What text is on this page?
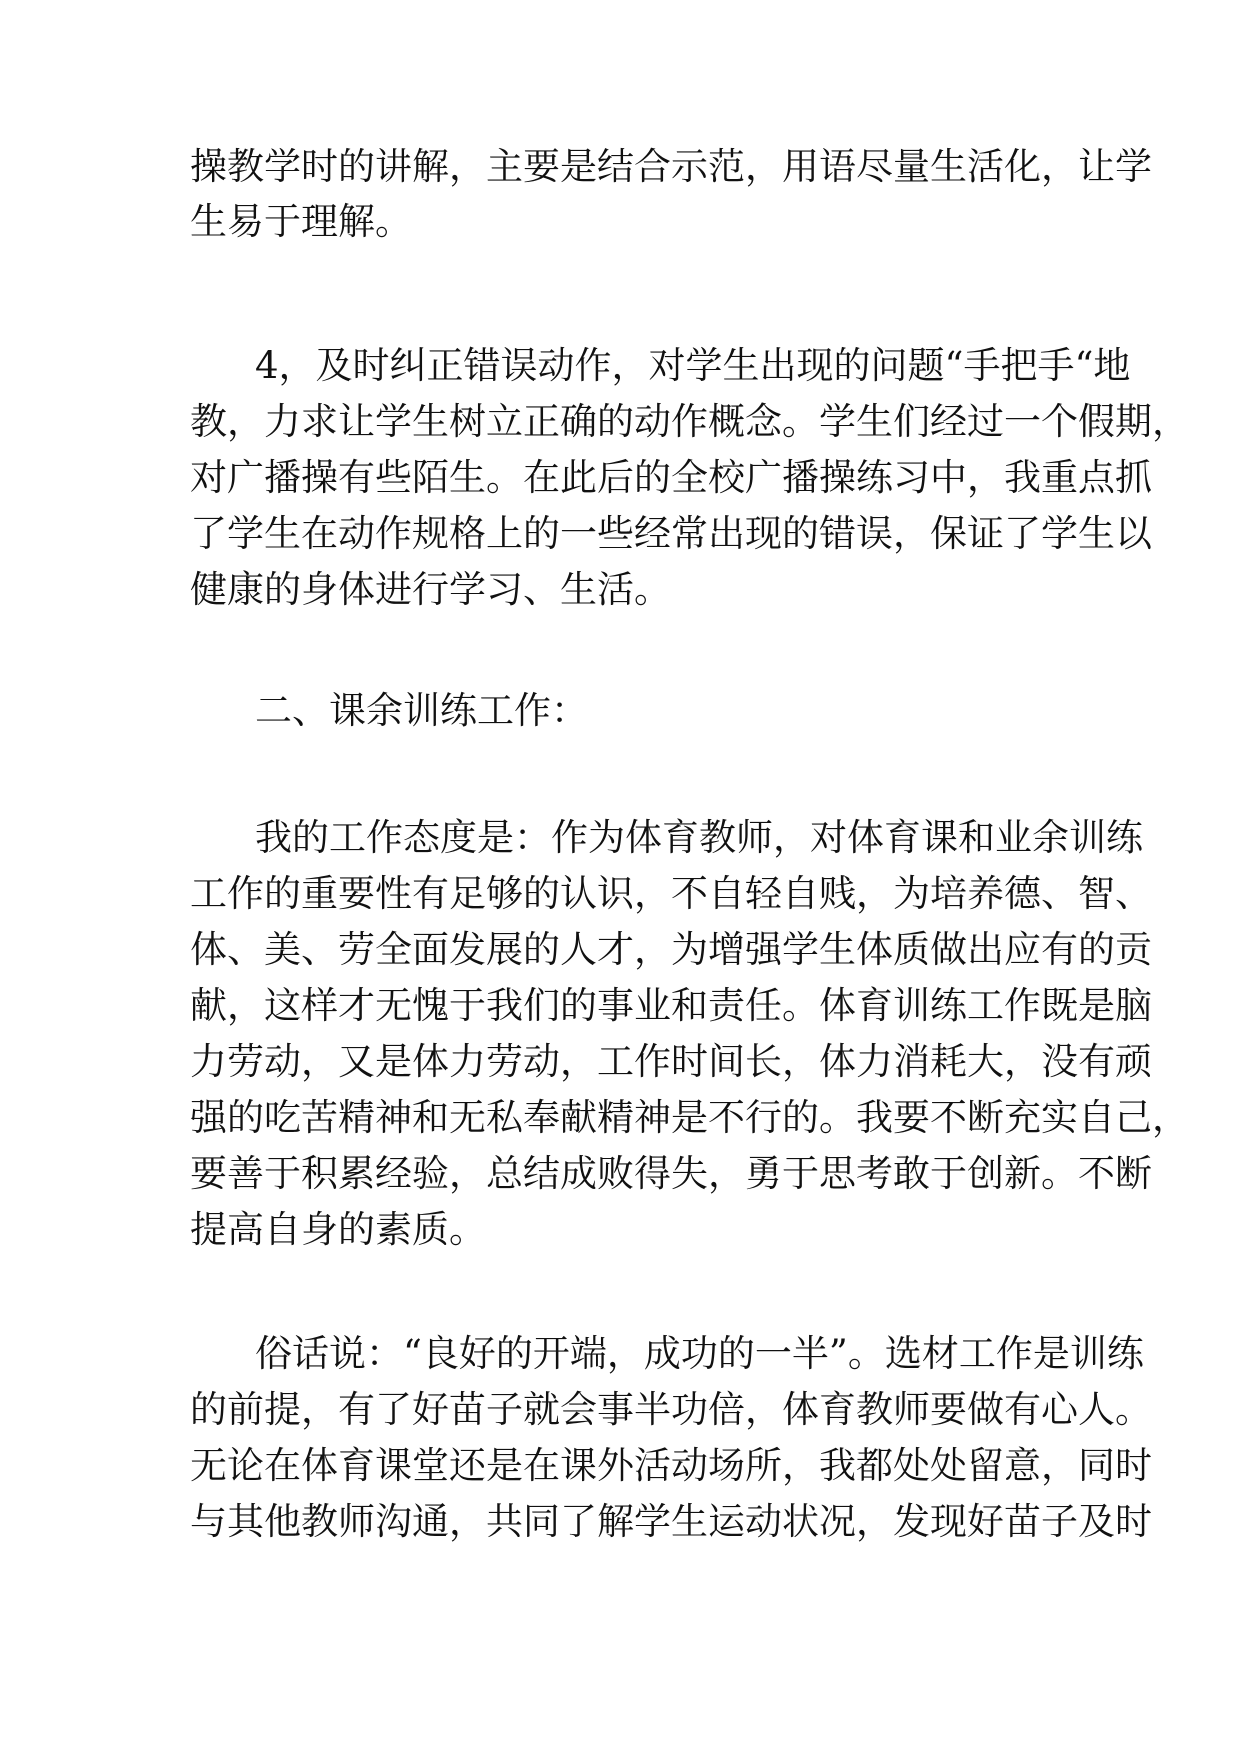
操教学时的讲解，主要是结合示范，用语尽量生活化，让学
生易于理解。
4，及时纠正错误动作，对学生出现的问题“手把手“地
教，力求让学生树立正确的动作概念。学生们经过一个假期，
对广播操有些陌生。在此后的全校广播操练习中，我重点抓
了学生在动作规格上的一些经常出现的错误，保证了学生以
健康的身体进行学习、生活。
二、课余训练工作：
我的工作态度是：作为体育教师，对体育课和业余训练
工作的重要性有足够的认识，不自轻自贱，为培养德、智、
体、美、劳全面发展的人才，为增强学生体质做出应有的贡
献，这样才无愧于我们的事业和责任。体育训练工作既是脑
力劳动，又是体力劳动，工作时间长，体力消耗大，没有顽
强的吃苦精神和无私奉献精神是不行的。我要不断充实自己，
要善于积累经验，总结成败得失，勇于思考敢于创新。不断
提高自身的素质。
俗话说：“良好的开端，成功的一半”。选材工作是训练
的前提，有了好苗子就会事半功倍，体育教师要做有心人。
无论在体育课堂还是在课外活动场所，我都处处留意，同时
与其他教师沟通，共同了解学生运动状况，发现好苗子及时
